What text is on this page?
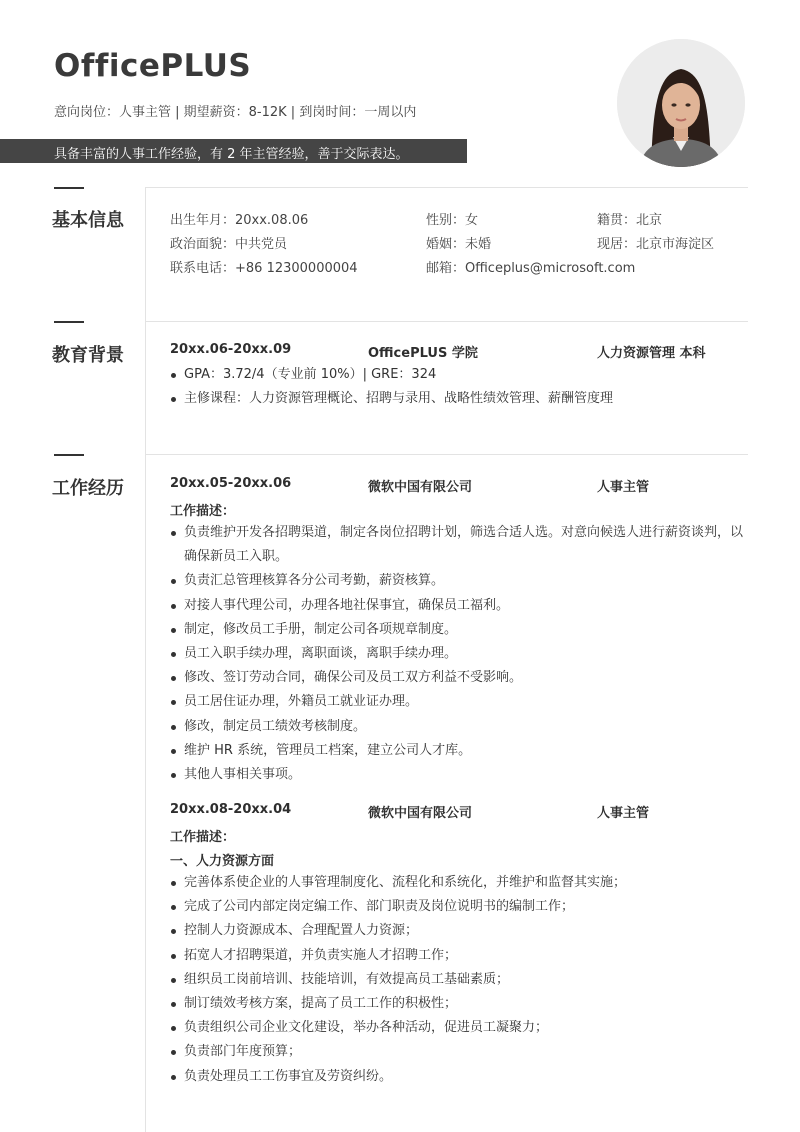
OfficePLUS
意向岗位：人事主管 | 期望薪资：8-12K | 到岗时间：一周以内
具备丰富的人事工作经验，有 2 年主管经验，善于交际表达。
基本信息	出生年月：20xx.08.06	性别：女	籍贯：北京
政治面貌：中共党员	婚姻：未婚	现居：北京市海淀区
联系电话：+86 12300000004	邮箱：Officeplus@microsoft.com
教育背景	20xx.06-20xx.09	OfficePLUS 学院	人力资源管理 本科
GPA：3.72/4（专业前 10%）| GRE：324
主修课程：人力资源管理概论、招聘与录用、战略性绩效管理、薪酬管度理
工作经历	20xx.05-20xx.06	微软中国有限公司	人事主管
工作描述：
负责维护开发各招聘渠道，制定各岗位招聘计划，筛选合适人选。对意向候选人进行薪资谈判，以确保新员工入职。
负责汇总管理核算各分公司考勤，薪资核算。
对接人事代理公司，办理各地社保事宜，确保员工福利。
制定，修改员工手册，制定公司各项规章制度。
员工入职手续办理，离职面谈，离职手续办理。
修改、签订劳动合同，确保公司及员工双方利益不受影响。
员工居住证办理，外籍员工就业证办理。
修改，制定员工绩效考核制度。
维护 HR 系统，管理员工档案，建立公司人才库。
其他人事相关事项。
20xx.08-20xx.04	微软中国有限公司	人事主管
工作描述：
一、人力资源方面
完善体系使企业的人事管理制度化、流程化和系统化，并维护和监督其实施；
完成了公司内部定岗定编工作、部门职责及岗位说明书的编制工作；
控制人力资源成本、合理配置人力资源；
拓宽人才招聘渠道，并负责实施人才招聘工作；
组织员工岗前培训、技能培训，有效提高员工基础素质；
制订绩效考核方案，提高了员工工作的积极性；
负责组织公司企业文化建设，举办各种活动，促进员工凝聚力；
负责部门年度预算；
负责处理员工工伤事宜及劳资纠纷。
